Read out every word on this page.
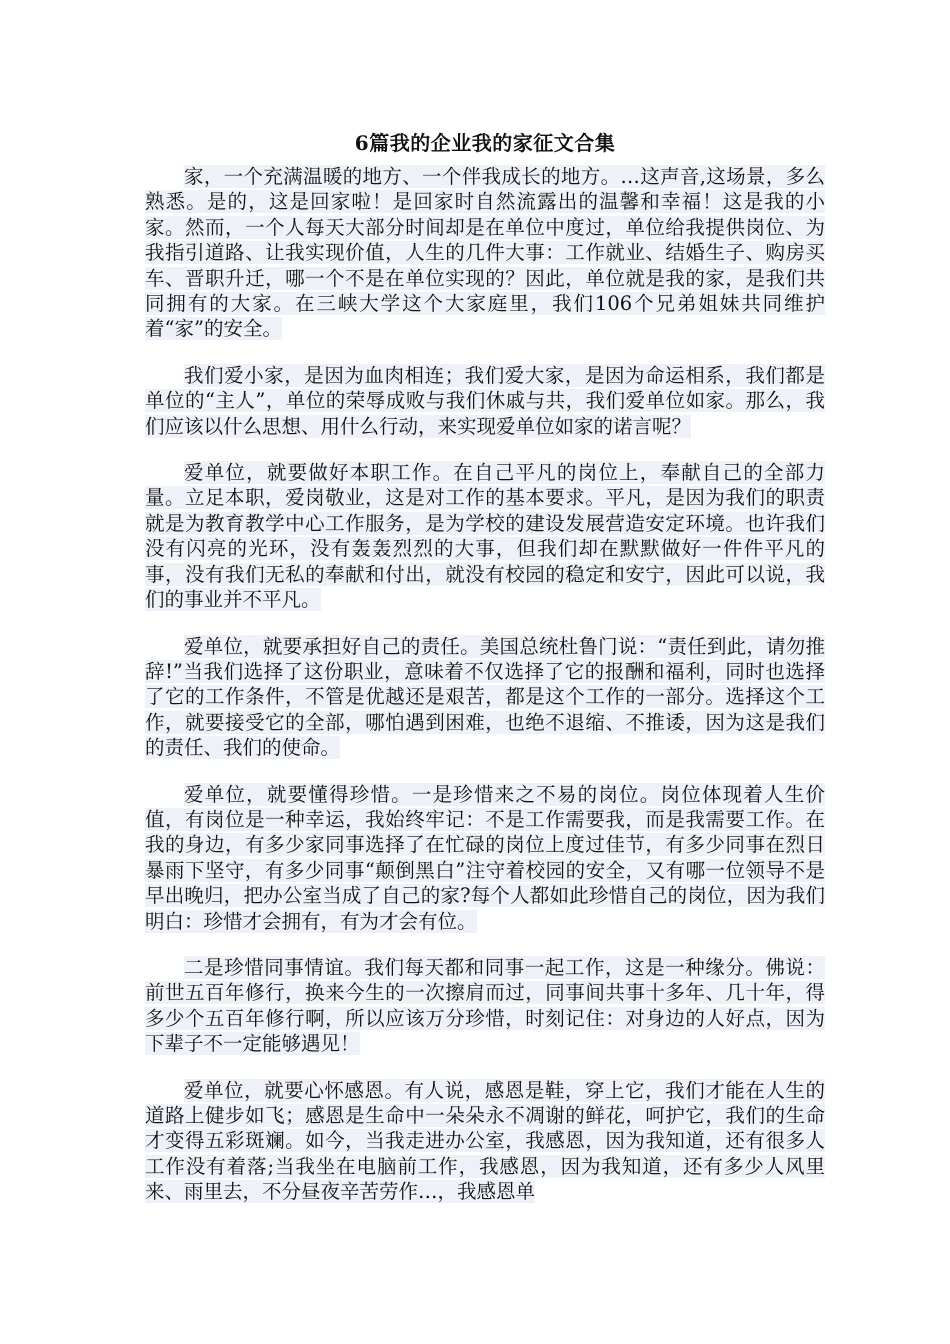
6篇我的企业我的家征文合集

家，一个充满温暖的地方、一个伴我成长的地方。…这声音,这场景，多么熟悉。是的，这是回家啦！是回家时自然流露出的温馨和幸福！这是我的小家。然而，一个人每天大部分时间却是在单位中度过，单位给我提供岗位、为我指引道路、让我实现价值，人生的几件大事：工作就业、结婚生子、购房买车、晋职升迁，哪一个不是在单位实现的？因此，单位就是我的家，是我们共同拥有的大家。在三峡大学这个大家庭里，我们106个兄弟姐妹共同维护着“家”的安全。

我们爱小家，是因为血肉相连；我们爱大家，是因为命运相系，我们都是单位的“主人”，单位的荣辱成败与我们休戚与共，我们爱单位如家。那么，我们应该以什么思想、用什么行动，来实现爱单位如家的诺言呢？

爱单位，就要做好本职工作。在自己平凡的岗位上，奉献自己的全部力量。立足本职，爱岗敬业，这是对工作的基本要求。平凡，是因为我们的职责就是为教育教学中心工作服务，是为学校的建设发展营造安定环境。也许我们没有闪亮的光环，没有轰轰烈烈的大事，但我们却在默默做好一件件平凡的事，没有我们无私的奉献和付出，就没有校园的稳定和安宁，因此可以说，我们的事业并不平凡。

爱单位，就要承担好自己的责任。美国总统杜鲁门说：“责任到此，请勿推辞!”当我们选择了这份职业，意味着不仅选择了它的报酬和福利，同时也选择了它的工作条件，不管是优越还是艰苦，都是这个工作的一部分。选择这个工作，就要接受它的全部，哪怕遇到困难，也绝不退缩、不推诿，因为这是我们的责任、我们的使命。

爱单位，就要懂得珍惜。一是珍惜来之不易的岗位。岗位体现着人生价值，有岗位是一种幸运，我始终牢记：不是工作需要我，而是我需要工作。在我的身边，有多少家同事选择了在忙碌的岗位上度过佳节，有多少同事在烈日暴雨下坚守，有多少同事“颠倒黑白”注守着校园的安全，又有哪一位领导不是早出晚归，把办公室当成了自己的家?每个人都如此珍惜自己的岗位，因为我们明白：珍惜才会拥有，有为才会有位。

二是珍惜同事情谊。我们每天都和同事一起工作，这是一种缘分。佛说：前世五百年修行，换来今生的一次擦肩而过，同事间共事十多年、几十年，得多少个五百年修行啊，所以应该万分珍惜，时刻记住：对身边的人好点，因为下辈子不一定能够遇见！

爱单位，就要心怀感恩。有人说，感恩是鞋，穿上它，我们才能在人生的道路上健步如飞；感恩是生命中一朵朵永不凋谢的鲜花，呵护它，我们的生命才变得五彩斑斓。如今，当我走进办公室，我感恩，因为我知道，还有很多人工作没有着落;当我坐在电脑前工作，我感恩，因为我知道，还有多少人风里来、雨里去，不分昼夜辛苦劳作…，我感恩单
